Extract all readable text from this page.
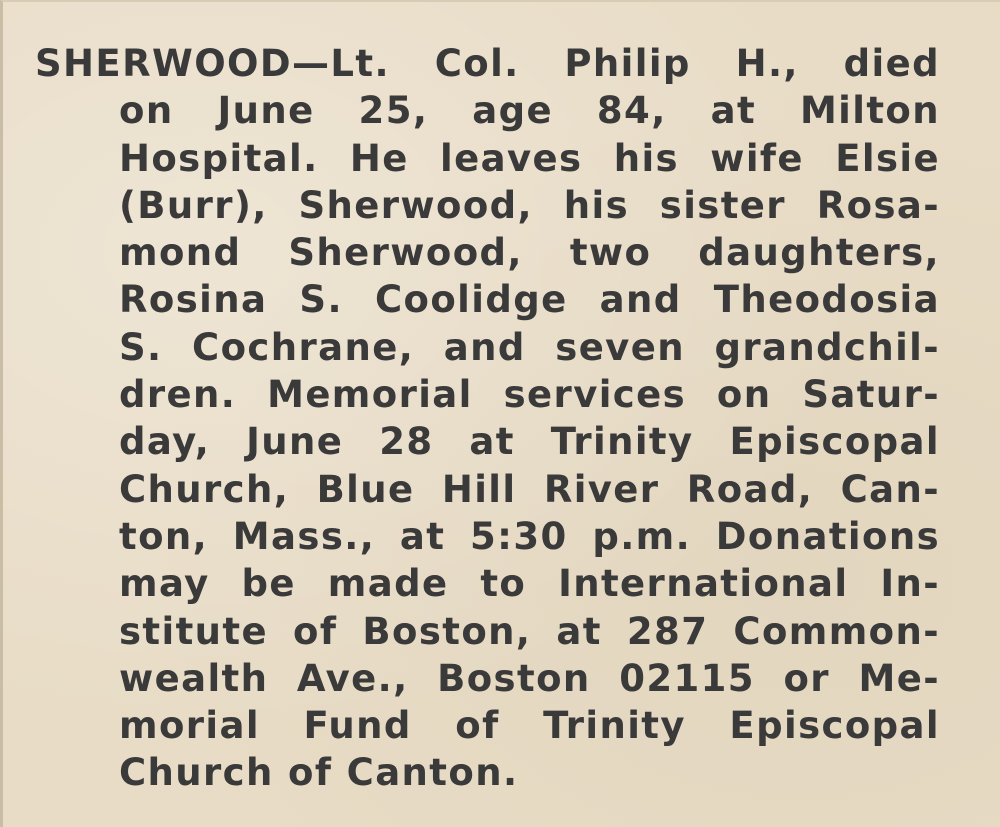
SHERWOOD—Lt. Col. Philip H., died
on June 25, age 84, at Milton
Hospital. He leaves his wife Elsie
(Burr), Sherwood, his sister Rosa-
mond Sherwood, two daughters,
Rosina S. Coolidge and Theodosia
S. Cochrane, and seven grandchil-
dren. Memorial services on Satur-
day, June 28 at Trinity Episcopal
Church, Blue Hill River Road, Can-
ton, Mass., at 5:30 p.m. Donations
may be made to International In-
stitute of Boston, at 287 Common-
wealth Ave., Boston 02115 or Me-
morial Fund of Trinity Episcopal
Church of Canton.
